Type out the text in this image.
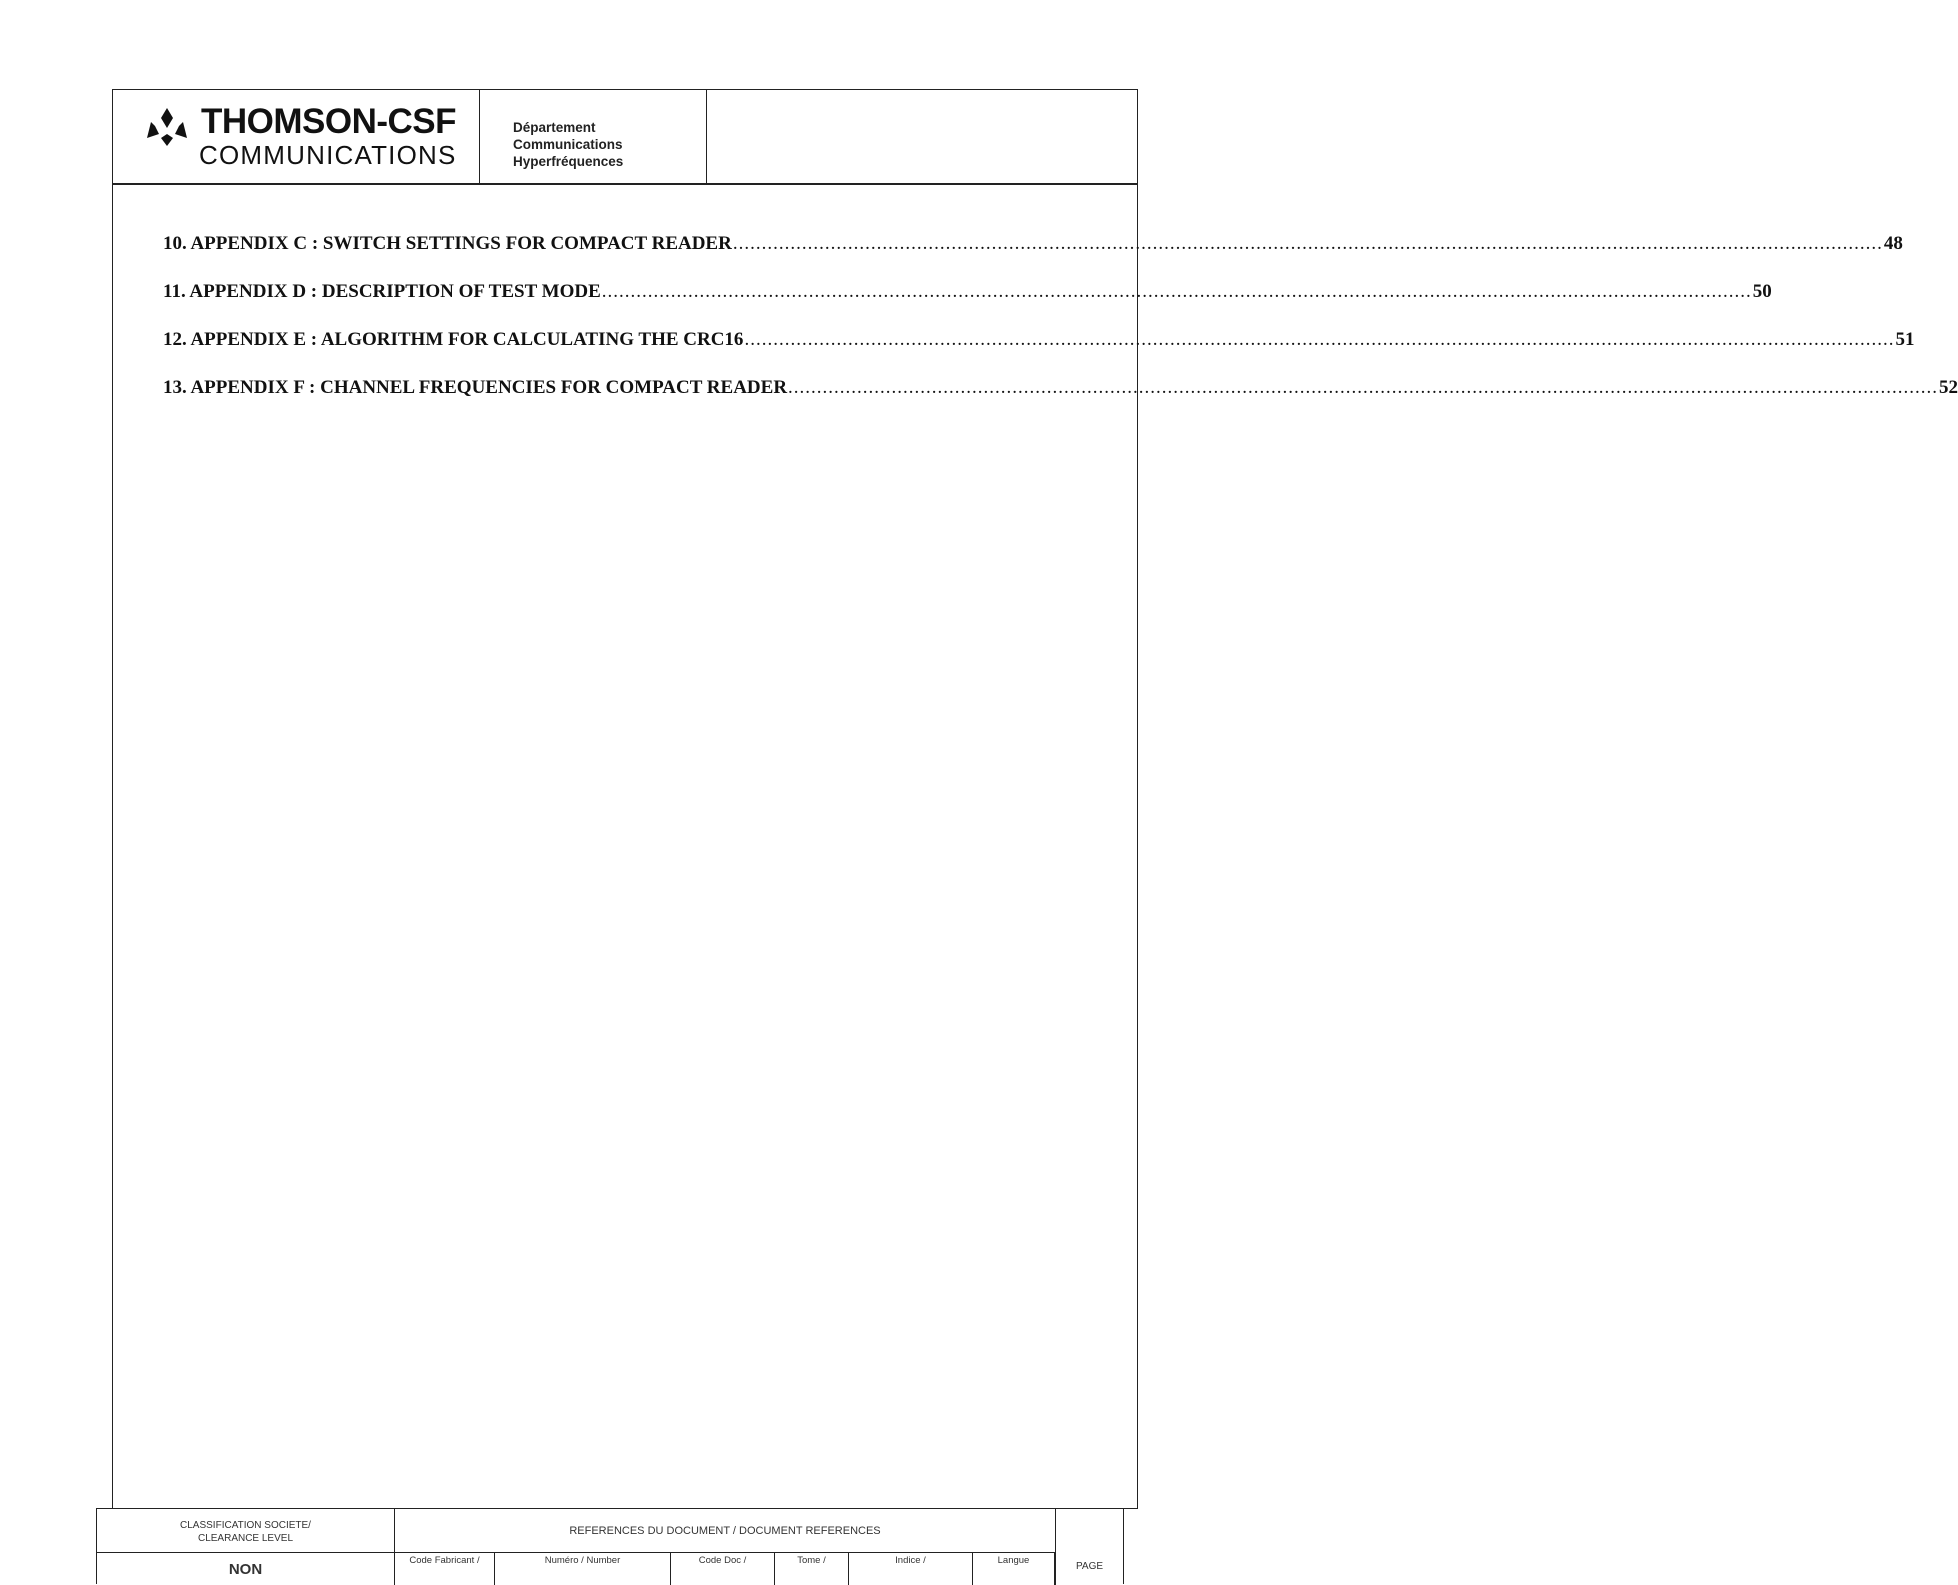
THOMSON-CSF
COMMUNICATIONS
Département
Communications
Hyperfréquences
10. APPENDIX C : SWITCH SETTINGS FOR COMPACT READER ........................................................................................................................................................................................................ 48
11. APPENDIX D : DESCRIPTION OF TEST MODE ........................................................................................................................................................................................................ 50
12. APPENDIX E : ALGORITHM FOR CALCULATING THE CRC16 ........................................................................................................................................................................................................ 51
13. APPENDIX F : CHANNEL FREQUENCIES FOR COMPACT READER ........................................................................................................................................................................................................ 52
CLASSIFICATION SOCIETE/
CLEARANCE LEVEL
NON
REFERENCES DU DOCUMENT / DOCUMENT REFERENCES
Code Fabricant /	Numéro / Number	Code Doc /	Tome /	Indice /	Langue
PAGE
